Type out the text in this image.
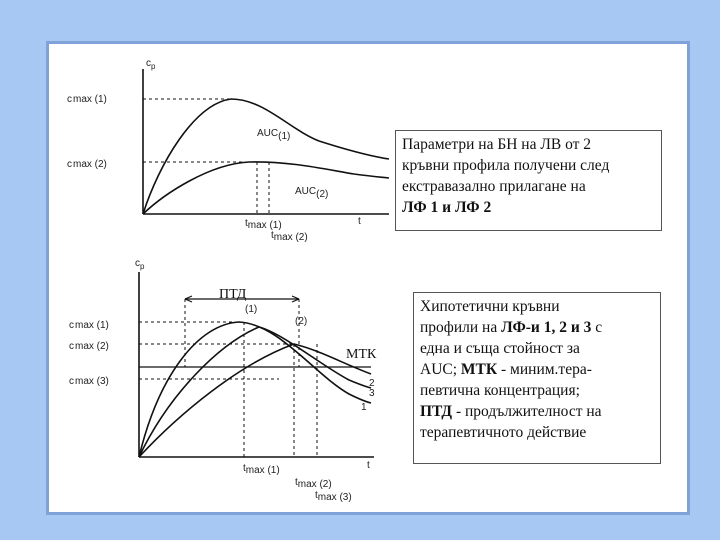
$c_p$
cmax (1)
cmax (2)
AUC(1)
AUC(2)
tmax (1)
tmax (2)
t
$c_p$
cmax (1)
cmax (2)
cmax (3)
(1)
(2)
2
3
1
tmax (1)
tmax (2)
tmax (3)
t
ПТД
МТК
Параметри на БН на ЛВ от 2
кръвни профила получени след
екстравазално прилагане на
ЛФ 1 и ЛФ 2
Хипотетични кръвни
профили на ЛФ-и 1, 2 и 3 с
една и съща стойност за
AUC; МТК - миним.тера-
певтична концентрация;
ПТД - продължителност на
терапевтичното действие
